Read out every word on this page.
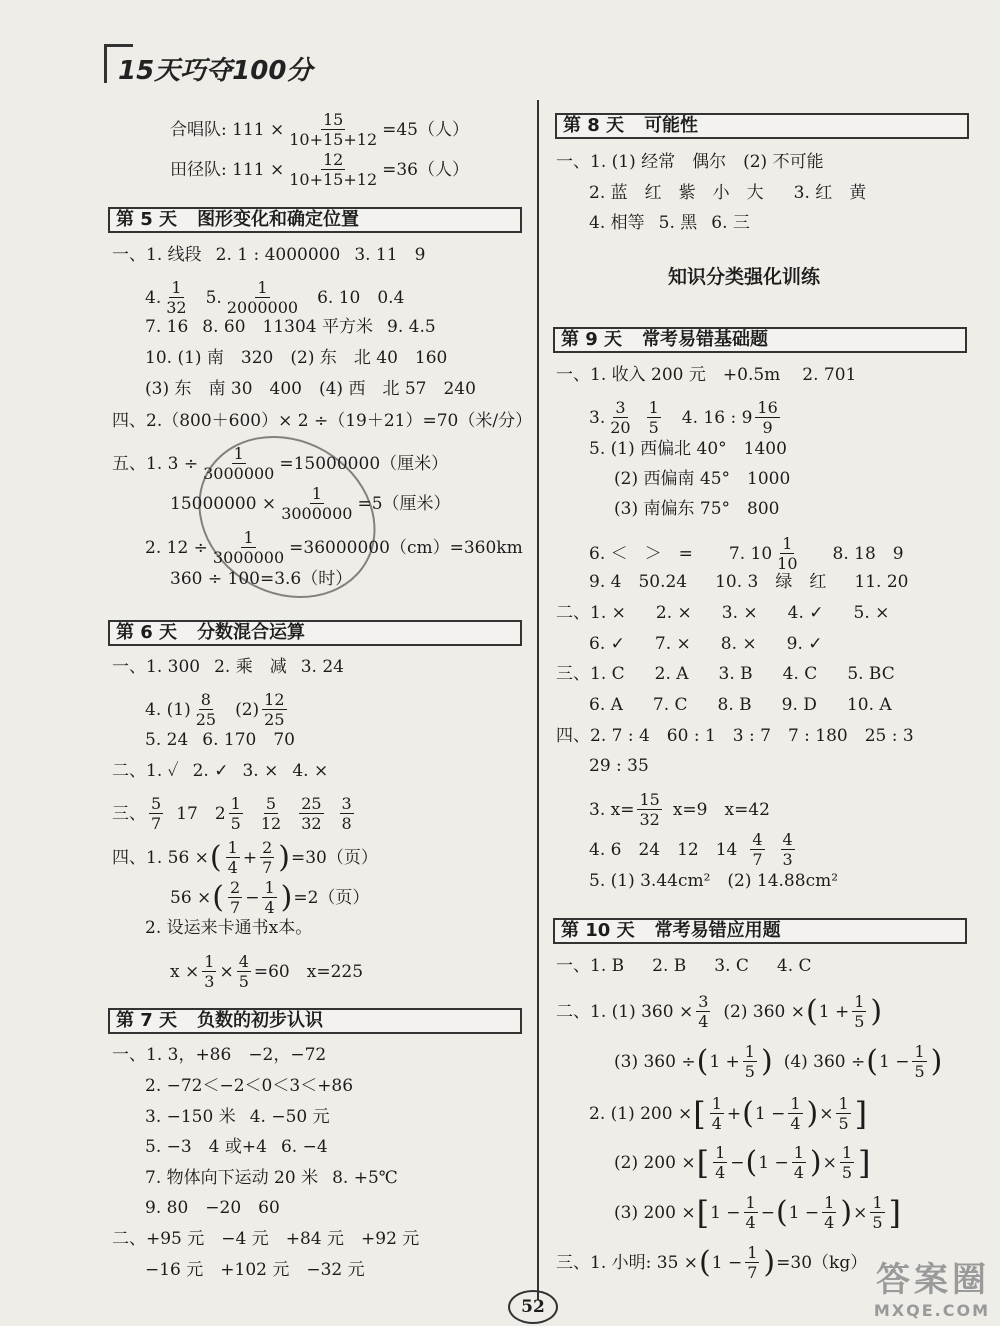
15天巧夺100分
合唱队: $111 \times \frac{15}{10+15+12} =45$（人）
田径队: $111 \times \frac{12}{10+15+12} =36$（人）
第 5 天 图形变化和确定位置
一、1. 线段 2. 1 : 4000000 3. 11　9
4. $\frac{1}{32} 5$. $\frac{1}{2000000} 6$. 10　0.4
7. 16 8. 60　11304 平方米 9. 4.5
10. (1) 南　320　(2) 东　北 40　160
(3) 东　南 30　400　(4) 西　北 57　240
四、2.（800＋600）× 2 ÷（19＋21）=70（米/分）
五、1. $3 \div \frac{1}{3000000} =15000000$（厘米）
$15000000 \times \frac{1}{3000000} =5$（厘米）
2. $12 \div \frac{1}{3000000} =36000000(cm)=360km$
360 ÷ 100=3.6（时）
第 6 天 分数混合运算
一、1. 300 2. 乘　减 3. 24
4. $(1) \frac{8}{25} (2) \frac{12}{25}$
5. 24 6. 170　70
二、1. ✓ 2. ✓ 3. × 4. ×
三、 $\frac{5}{7} 17$　$2 \frac{1}{5} \frac{5}{12} \frac{25}{32} \frac{3}{8}$
四、1. 56 × ( $\frac{1}{4} + \frac{2}{7}$ ) =30（页）
56 × ( $\frac{2}{7} - \frac{1}{4}$ ) =2（页）
2. 设运来卡通书x本。
$x \times \frac{1}{3} \times \frac{4}{5} =60$　x=225
第 7 天 负数的初步认识
一、1. 3，+86　−2，−72
2. −72＜−2＜0＜3＜+86
3. −150 米 4. −50 元
5. −3　4 或+4 6. −4
7. 物体向下运动 20 米 8. +5℃
9. 80　−20　60
二、+95 元　−4 元　+84 元　+92 元
−16 元　+102 元　−32 元
第 8 天 可能性
一、1. (1) 经常　偶尔　(2) 不可能
2. 蓝　红　紫　小　大 3. 红　黄
4. 相等 5. 黑 6. 三
知识分类强化训练
第 9 天 常考易错基础题
一、1. 收入 200 元　+0.5m 2. 701
3. $\frac{3}{20} \frac{1}{5} 4$. 16 : $9 \frac{16}{9}$
5. (1) 西偏北 40°　1400
(2) 西偏南 45°　1000
(3) 南偏东 75°　800
6. ＜　＞　= 7. $10 \frac{1}{10} 8$. 18　9
9. 4　50.24 10. 3　绿　红 11. 20
二、1. × 2. × 3. × 4. ✓ 5. ×
6. ✓ 7. × 8. × 9. ✓
三、1. C 2. A 3. B 4. C 5. BC
6. A 7. C 8. B 9. D 10. A
四、2. 7 : 4　60 : 1　3 : 7　7 : 180　25 : 3
29 : 35
3. $x= \frac{15}{32} x=9$　x=42
4. 6　24　12　$14 \frac{4}{7} \frac{4}{3}$
5. (1) 3.44cm²　(2) 14.88cm²
第 10 天 常考易错应用题
一、1. B 2. B 3. C 4. C
二、1. (1) $360 \times \frac{3}{4} (2) 360$ × ( $1 + \frac{1}{5}$ )
(3) 360 ÷ ( $1 + \frac{1}{5}$ ) (4) 360 ÷ ( $1 - \frac{1}{5}$ )
2. (1) 200 × [ $\frac{1}{4}$ + ( $1 - \frac{1}{4}$ ) × $\frac{1}{5}$ ]
(2) 200 × [ $\frac{1}{4}$ − ( $1 - \frac{1}{4}$ ) × $\frac{1}{5}$ ]
(3) 200 × [ $1 - \frac{1}{4}$ − ( $1 - \frac{1}{4}$ ) × $\frac{1}{5}$ ]
三、1. 小明: 35 × ( $1 - \frac{1}{7}$ ) =30（kg）
52
答案圈
MXQE.COM
